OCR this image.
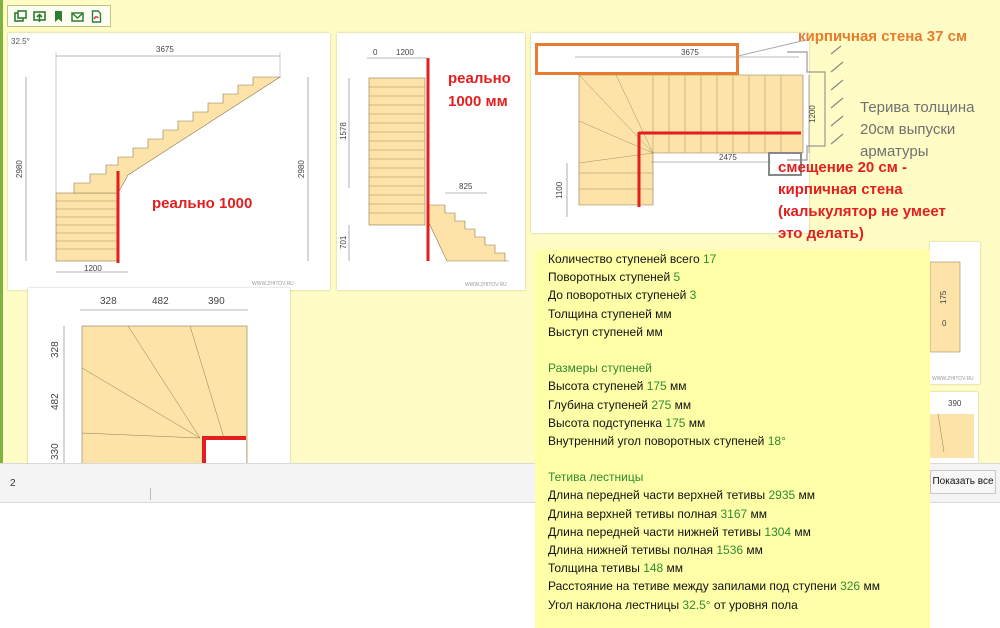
32.5°
3675
2980	2980
1200
WWW.ZHITOV.RU
реально 1000
0 1200
1578
701
825
WWW.ZHITOV.RU
реально
1000 мм
3675
2475
1200
1100
328	482	390
328
482
330
175
0
WWW.ZHITOV.RU
390
кирпичная стена 37 см
Терива толщина
20см выпуски
арматуры
смещение 20 см -
кирпичная стена
(калькулятор не умеет
это делать)
2	Показать все
Количество ступеней всего 17
Поворотных ступеней 5
До поворотных ступеней 3
Толщина ступеней мм
Выступ ступеней мм
Размеры ступеней
Высота ступеней 175 мм
Глубина ступеней 275 мм
Высота подступенка 175 мм
Внутренний угол поворотных ступеней 18°
Тетива лестницы
Длина передней части верхней тетивы 2935 мм
Длина верхней тетивы полная 3167 мм
Длина передней части нижней тетивы 1304 мм
Длина нижней тетивы полная 1536 мм
Толщина тетивы 148 мм
Расстояние на тетиве между запилами под ступени 326 мм
Угол наклона лестницы 32.5° от уровня пола
